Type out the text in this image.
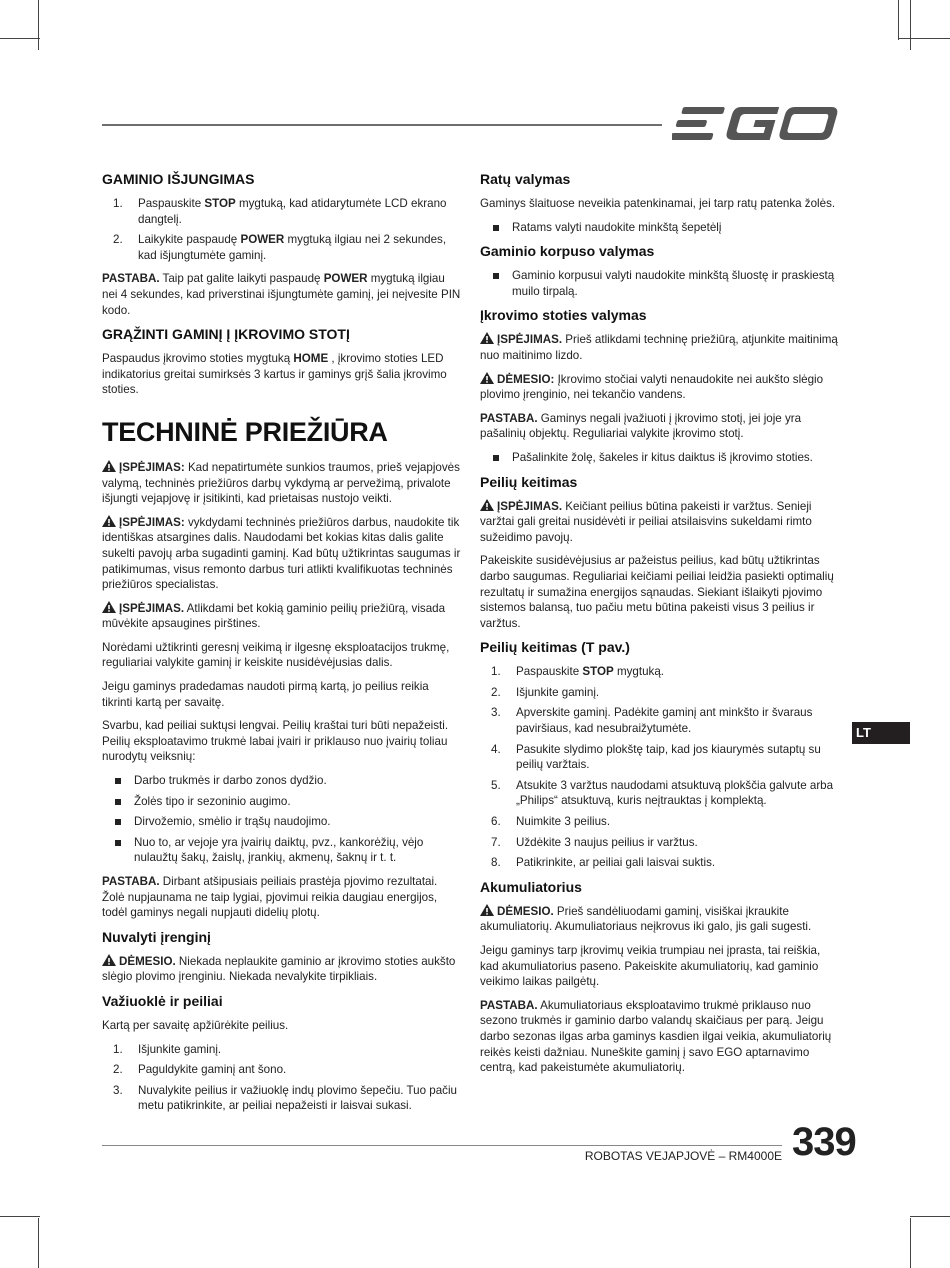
GAMINIO IŠJUNGIMAS
1. Paspauskite STOP mygtuką, kad atidarytumėte LCD ekrano dangtelį.
2. Laikykite paspaudę POWER mygtuką ilgiau nei 2 sekundes, kad išjungtumėte gaminį.

PASTABA. Taip pat galite laikyti paspaudę POWER mygtuką ilgiau nei 4 sekundes, kad priverstinai išjungtumėte gaminį, jei neįvesite PIN kodo.

GRĄŽINTI GAMINĮ Į ĮKROVIMO STOTĮ

Paspaudus įkrovimo stoties mygtuką HOME , įkrovimo stoties LED indikatorius greitai sumirksės 3 kartus ir gaminys grįš šalia įkrovimo stoties.

TECHNINĖ PRIEŽIŪRA

ĮSPĖJIMAS: Kad nepatirtumėte sunkios traumos, prieš vejapjovės valymą, techninės priežiūros darbų vykdymą ar pervežimą, privalote išjungti vejapjovę ir įsitikinti, kad prietaisas nustojo veikti.

ĮSPĖJIMAS: vykdydami techninės priežiūros darbus, naudokite tik identiškas atsargines dalis. Naudodami bet kokias kitas dalis galite sukelti pavojų arba sugadinti gaminį. Kad būtų užtikrintas saugumas ir patikimumas, visus remonto darbus turi atlikti kvalifikuotas techninės priežiūros specialistas.

ĮSPĖJIMAS. Atlikdami bet kokią gaminio peilių priežiūrą, visada mūvėkite apsaugines pirštines.

Norėdami užtikrinti geresnį veikimą ir ilgesnę eksploatacijos trukmę, reguliariai valykite gaminį ir keiskite nusidėvėjusias dalis.

Jeigu gaminys pradedamas naudoti pirmą kartą, jo peilius reikia tikrinti kartą per savaitę.

Svarbu, kad peiliai suktųsi lengvai. Peilių kraštai turi būti nepažeisti. Peilių eksploatavimo trukmė labai įvairi ir priklauso nuo įvairių toliau nurodytų veiksnių:

Darbo trukmės ir darbo zonos dydžio.
Žolės tipo ir sezoninio augimo.
Dirvožemio, smėlio ir trąšų naudojimo.
Nuo to, ar vejoje yra įvairių daiktų, pvz., kankorėžių, vėjo nulaužtų šakų, žaislų, įrankių, akmenų, šaknų ir t. t.

PASTABA. Dirbant atšipusiais peiliais prastėja pjovimo rezultatai. Žolė nupjaunama ne taip lygiai, pjovimui reikia daugiau energijos, todėl gaminys negali nupjauti didelių plotų.

Nuvalyti įrenginį

DĖMESIO. Niekada neplaukite gaminio ar įkrovimo stoties aukšto slėgio plovimo įrenginiu. Niekada nevalykite tirpikliais.

Važiuoklė ir peiliai

Kartą per savaitę apžiūrėkite peilius.

1. Išjunkite gaminį.
2. Paguldykite gaminį ant šono.
3. Nuvalykite peilius ir važiuoklę indų plovimo šepečiu. Tuo pačiu metu patikrinkite, ar peiliai nepažeisti ir laisvai sukasi.
Ratų valymas

Gaminys šlaituose neveikia patenkinamai, jei tarp ratų patenka žolės.

Ratams valyti naudokite minkštą šepetėlį
Gaminio korpuso valymas
Gaminio korpusui valyti naudokite minkštą šluostę ir praskiestą muilo tirpalą.
Įkrovimo stoties valymas

ĮSPĖJIMAS. Prieš atlikdami techninę priežiūrą, atjunkite maitinimą nuo maitinimo lizdo.

DĖMESIO: Įkrovimo stočiai valyti nenaudokite nei aukšto slėgio plovimo įrenginio, nei tekančio vandens.

PASTABA. Gaminys negali įvažiuoti į įkrovimo stotį, jei joje yra pašalinių objektų. Reguliariai valykite įkrovimo stotį.

Pašalinkite žolę, šakeles ir kitus daiktus iš įkrovimo stoties.
Peilių keitimas

ĮSPĖJIMAS. Keičiant peilius būtina pakeisti ir varžtus. Senieji varžtai gali greitai nusidėvėti ir peiliai atsilaisvins sukeldami rimto sužeidimo pavojų.

Pakeiskite susidėvėjusius ar pažeistus peilius, kad būtų užtikrintas darbo saugumas. Reguliariai keičiami peiliai leidžia pasiekti optimalių rezultatų ir sumažina energijos sąnaudas. Siekiant išlaikyti pjovimo sistemos balansą, tuo pačiu metu būtina pakeisti visus 3 peilius ir varžtus.

Peilių keitimas (T pav.)
1. Paspauskite STOP mygtuką.
2. Išjunkite gaminį.
3. Apverskite gaminį. Padėkite gaminį ant minkšto ir švaraus paviršiaus, kad nesubraižytumėte.
4. Pasukite slydimo plokštę taip, kad jos kiaurymės sutaptų su peilių varžtais.
5. Atsukite 3 varžtus naudodami atsuktuvą plokščia galvute arba „Philips“ atsuktuvą, kuris neįtrauktas į komplektą.
6. Nuimkite 3 peilius.
7. Uždėkite 3 naujus peilius ir varžtus.
8. Patikrinkite, ar peiliai gali laisvai suktis.
Akumuliatorius

DĖMESIO. Prieš sandėliuodami gaminį, visiškai įkraukite akumuliatorių. Akumuliatoriaus neįkrovus iki galo, jis gali sugesti.

Jeigu gaminys tarp įkrovimų veikia trumpiau nei įprasta, tai reiškia, kad akumuliatorius paseno. Pakeiskite akumuliatorių, kad gaminio veikimo laikas pailgėtų.

PASTABA. Akumuliatoriaus eksploatavimo trukmė priklauso nuo sezono trukmės ir gaminio darbo valandų skaičiaus per parą. Jeigu darbo sezonas ilgas arba gaminys kasdien ilgai veikia, akumuliatorių reikės keisti dažniau. Nuneškite gaminį į savo EGO aptarnavimo centrą, kad pakeistumėte akumuliatorių.

LT
ROBOTAS VEJAPJOVĖ – RM4000E 339
